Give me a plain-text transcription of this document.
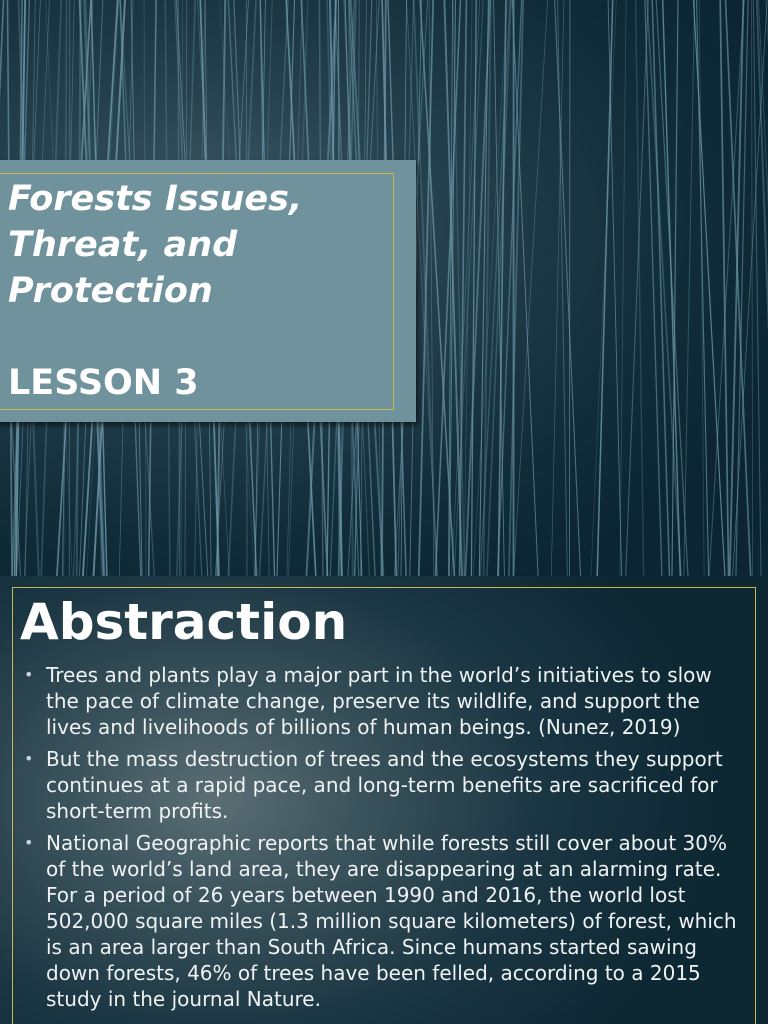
Forests Issues, Threat, and Protection
LESSON 3
Abstraction
• Trees and plants play a major part in the world’s initiatives to slow the pace of climate change, preserve its wildlife, and support the lives and livelihoods of billions of human beings. (Nunez, 2019)
• But the mass destruction of trees and the ecosystems they support continues at a rapid pace, and long-term benefits are sacrificed for short-term profits.
• National Geographic reports that while forests still cover about 30% of the world’s land area, they are disappearing at an alarming rate. For a period of 26 years between 1990 and 2016, the world lost 502,000 square miles (1.3 million square kilometers) of forest, which is an area larger than South Africa. Since humans started sawing down forests, 46% of trees have been felled, according to a 2015 study in the journal Nature.
